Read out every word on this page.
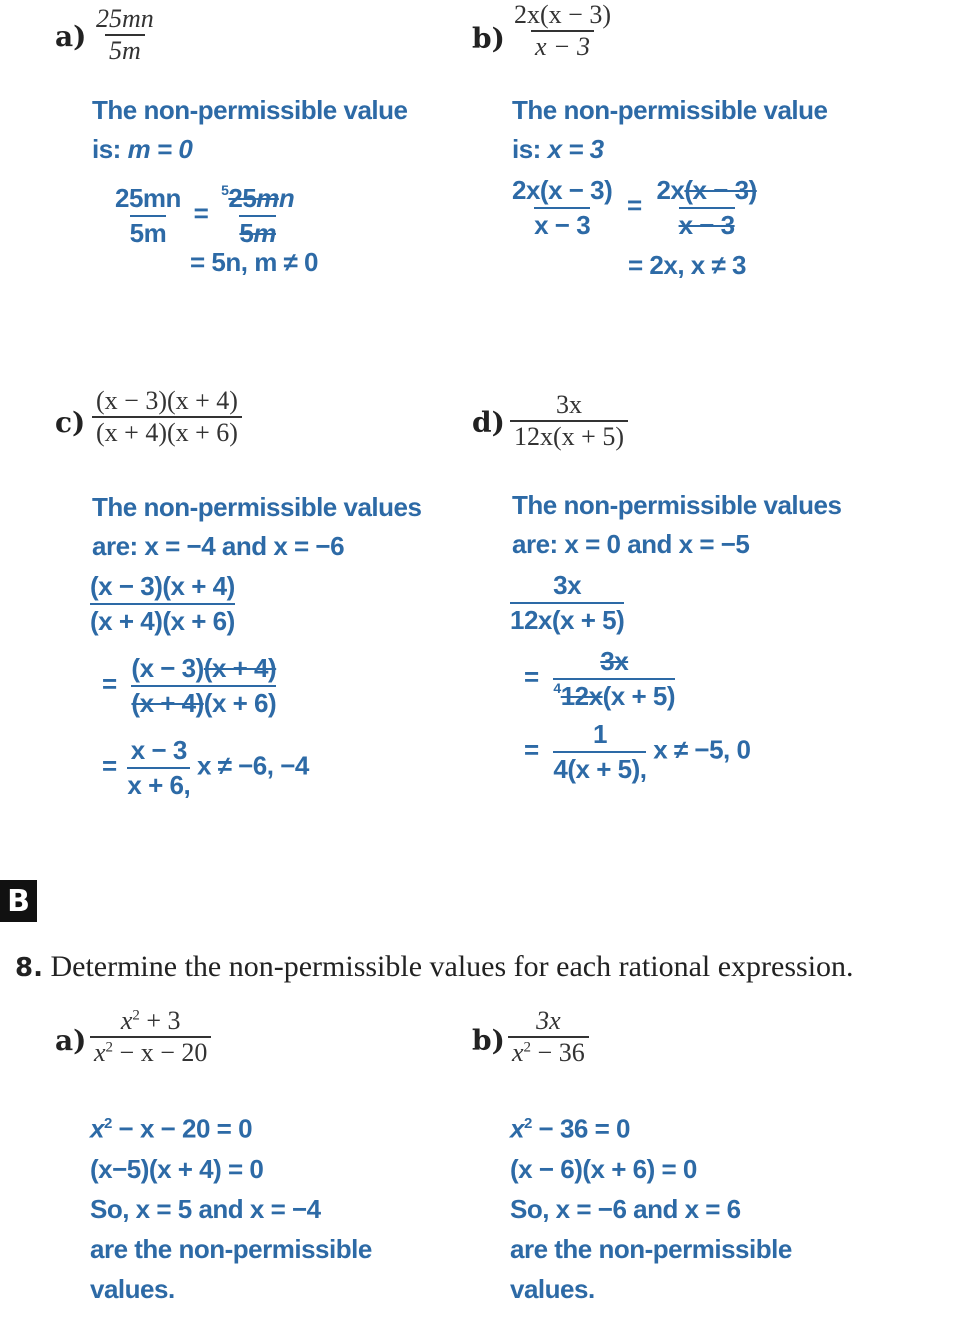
$a) \frac{25mn}{5m}$
The non-permissible value
is: m = 0
$\frac{25mn}{5m} = \frac{^525mn}{5m}$
= 5n, m ≠ 0
$b) \frac{2x(x - 3)}{x - 3}$
The non-permissible value
is: x = 3
$\frac{2x(x - 3)}{x - 3} = \frac{2x(x - 3)}{x - 3}$
= 2x, x ≠ 3
$c) \frac{(x - 3)(x + 4)}{(x + 4)(x + 6)}$
The non-permissible values
are: x = −4 and x = −6
$\frac{(x - 3)(x + 4)}{(x + 4)(x + 6)}$
= $\frac{(x - 3)(x + 4)}{(x + 4)(x + 6)}$
= $\frac{x - 3}{x + 6,}$ x ≠ −6, −4
$d) \frac{3x}{12x(x + 5)}$
The non-permissible values
are: x = 0 and x = −5
$\frac{3x}{12x(x + 5)}$
= $\frac{3x}{^412x(x + 5)}$
= $\frac{1}{4(x + 5),}$ x ≠ −5, 0
B
8. Determine the non-permissible values for each rational expression.
$a) \frac{x^2 + 3}{x^2 - x - 20}$
$x^2 - x - 20 = 0$
(x−5)(x + 4) = 0
So, x = 5 and x = −4
are the non-permissible
values.
$b) \frac{3x}{x^2 - 36}$
$x^2 - 36 = 0$
(x − 6)(x + 6) = 0
So, x = −6 and x = 6
are the non-permissible
values.
